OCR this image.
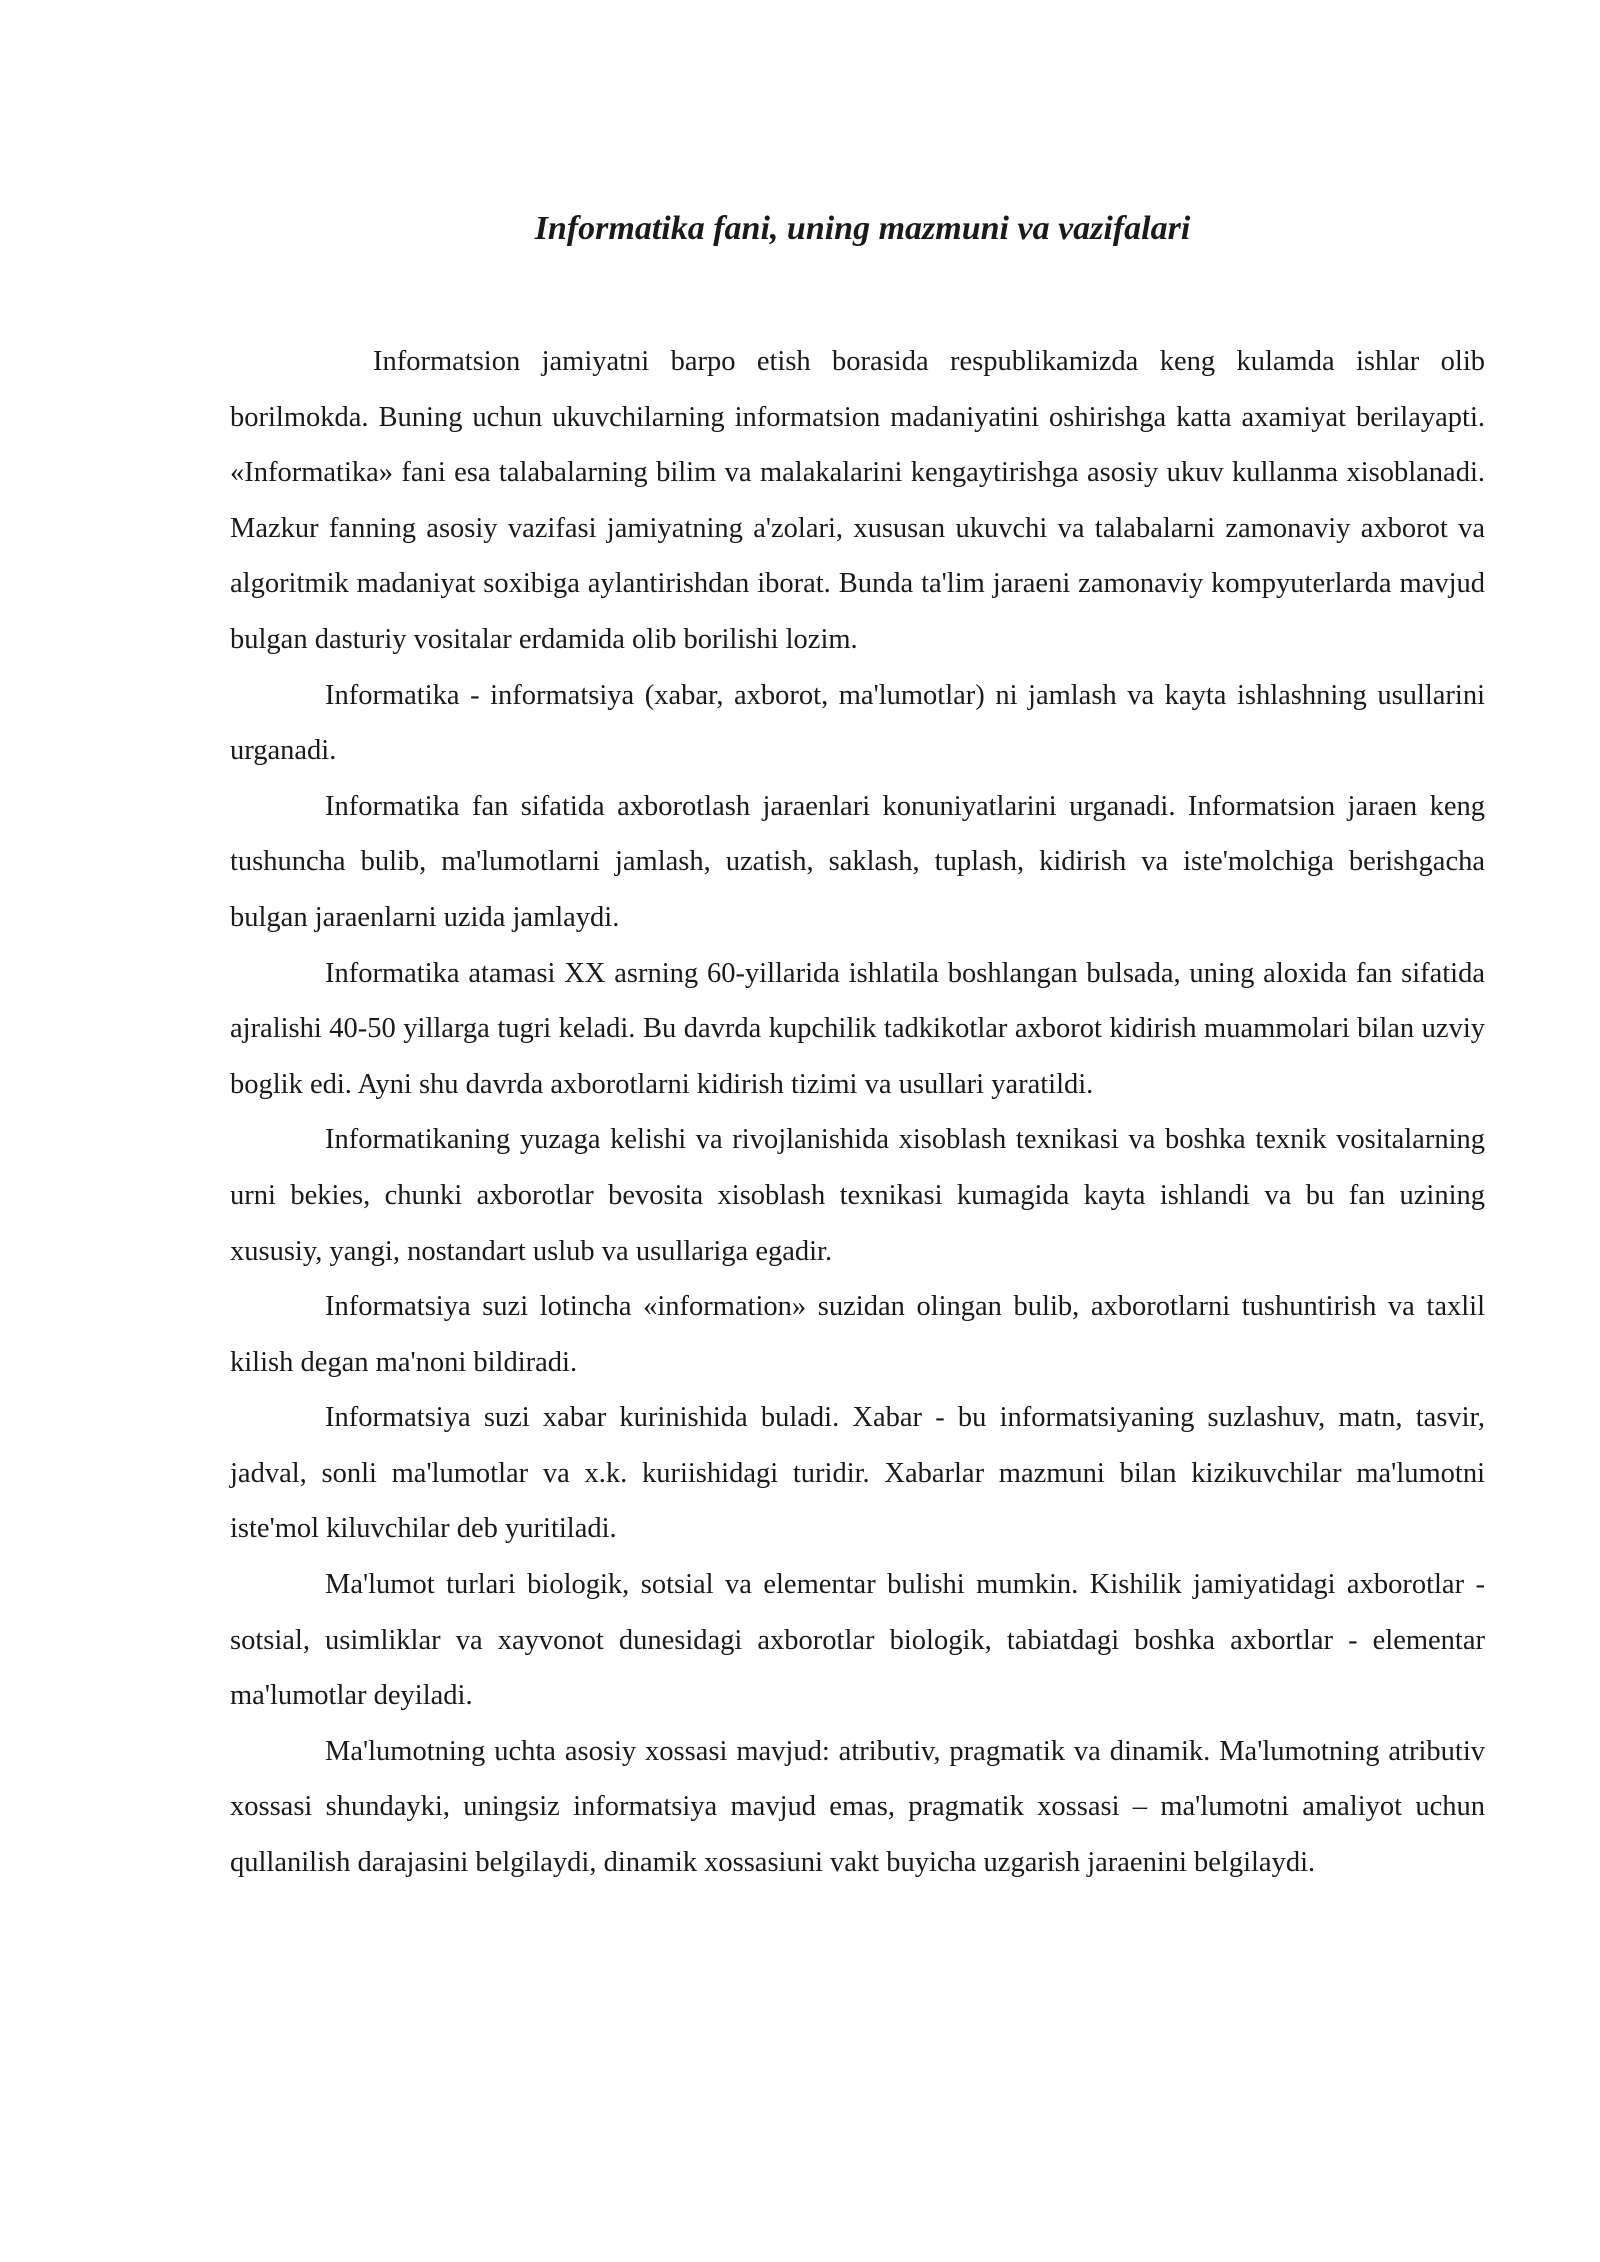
Informatika fani, uning mazmuni va vazifalari

Informatsion jamiyatni barpo etish borasida respublikamizda keng kulamda ishlar olib borilmokda. Buning uchun ukuvchilarning informatsion madaniyatini oshirishga katta axamiyat berilayapti. «Informatika» fani esa talabalarning bilim va malakalarini kengaytirishga asosiy ukuv kullanma xisoblanadi. Mazkur fanning asosiy vazifasi jamiyatning a'zolari, xususan ukuvchi va talabalarni zamonaviy axborot va algoritmik madaniyat soxibiga aylantirishdan iborat. Bunda ta'lim jaraeni zamonaviy kompyuterlarda mavjud bulgan dasturiy vositalar erdamida olib borilishi lozim.

Informatika - informatsiya (xabar, axborot, ma'lumotlar) ni jamlash va kayta ishlashning usullarini urganadi.

Informatika fan sifatida axborotlash jaraenlari konuniyatlarini urganadi. Informatsion jaraen keng tushuncha bulib, ma'lumotlarni jamlash, uzatish, saklash, tuplash, kidirish va iste'molchiga berishgacha bulgan jaraenlarni uzida jamlaydi.

Informatika atamasi XX asrning 60-yillarida ishlatila boshlangan bulsada, uning aloxida fan sifatida ajralishi 40-50 yillarga tugri keladi. Bu davrda kupchilik tadkikotlar axborot kidirish muammolari bilan uzviy boglik edi. Ayni shu davrda axborotlarni kidirish tizimi va usullari yaratildi.

Informatikaning yuzaga kelishi va rivojlanishida xisoblash texnikasi va boshka texnik vositalarning urni bekies, chunki axborotlar bevosita xisoblash texnikasi kumagida kayta ishlandi va bu fan uzining xususiy, yangi, nostandart uslub va usullariga egadir.

Informatsiya suzi lotincha «information» suzidan olingan bulib, axborotlarni tushuntirish va taxlil kilish degan ma'noni bildiradi.

Informatsiya suzi xabar kurinishida buladi. Xabar - bu informatsiyaning suzlashuv, matn, tasvir, jadval, sonli ma'lumotlar va x.k. kuriishidagi turidir. Xabarlar mazmuni bilan kizikuvchilar ma'lumotni iste'mol kiluvchilar deb yuritiladi.

Ma'lumot turlari biologik, sotsial va elementar bulishi mumkin. Kishilik jamiyatidagi axborotlar - sotsial, usimliklar va xayvonot dunesidagi axborotlar biologik, tabiatdagi boshka axbortlar - elementar ma'lumotlar deyiladi.

Ma'lumotning uchta asosiy xossasi mavjud: atributiv, pragmatik va dinamik. Ma'lumotning atributiv xossasi shundayki, uningsiz informatsiya mavjud emas, pragmatik xossasi – ma'lumotni amaliyot uchun qullanilish darajasini belgilaydi, dinamik xossasiuni vakt buyicha uzgarish jaraenini belgilaydi.
